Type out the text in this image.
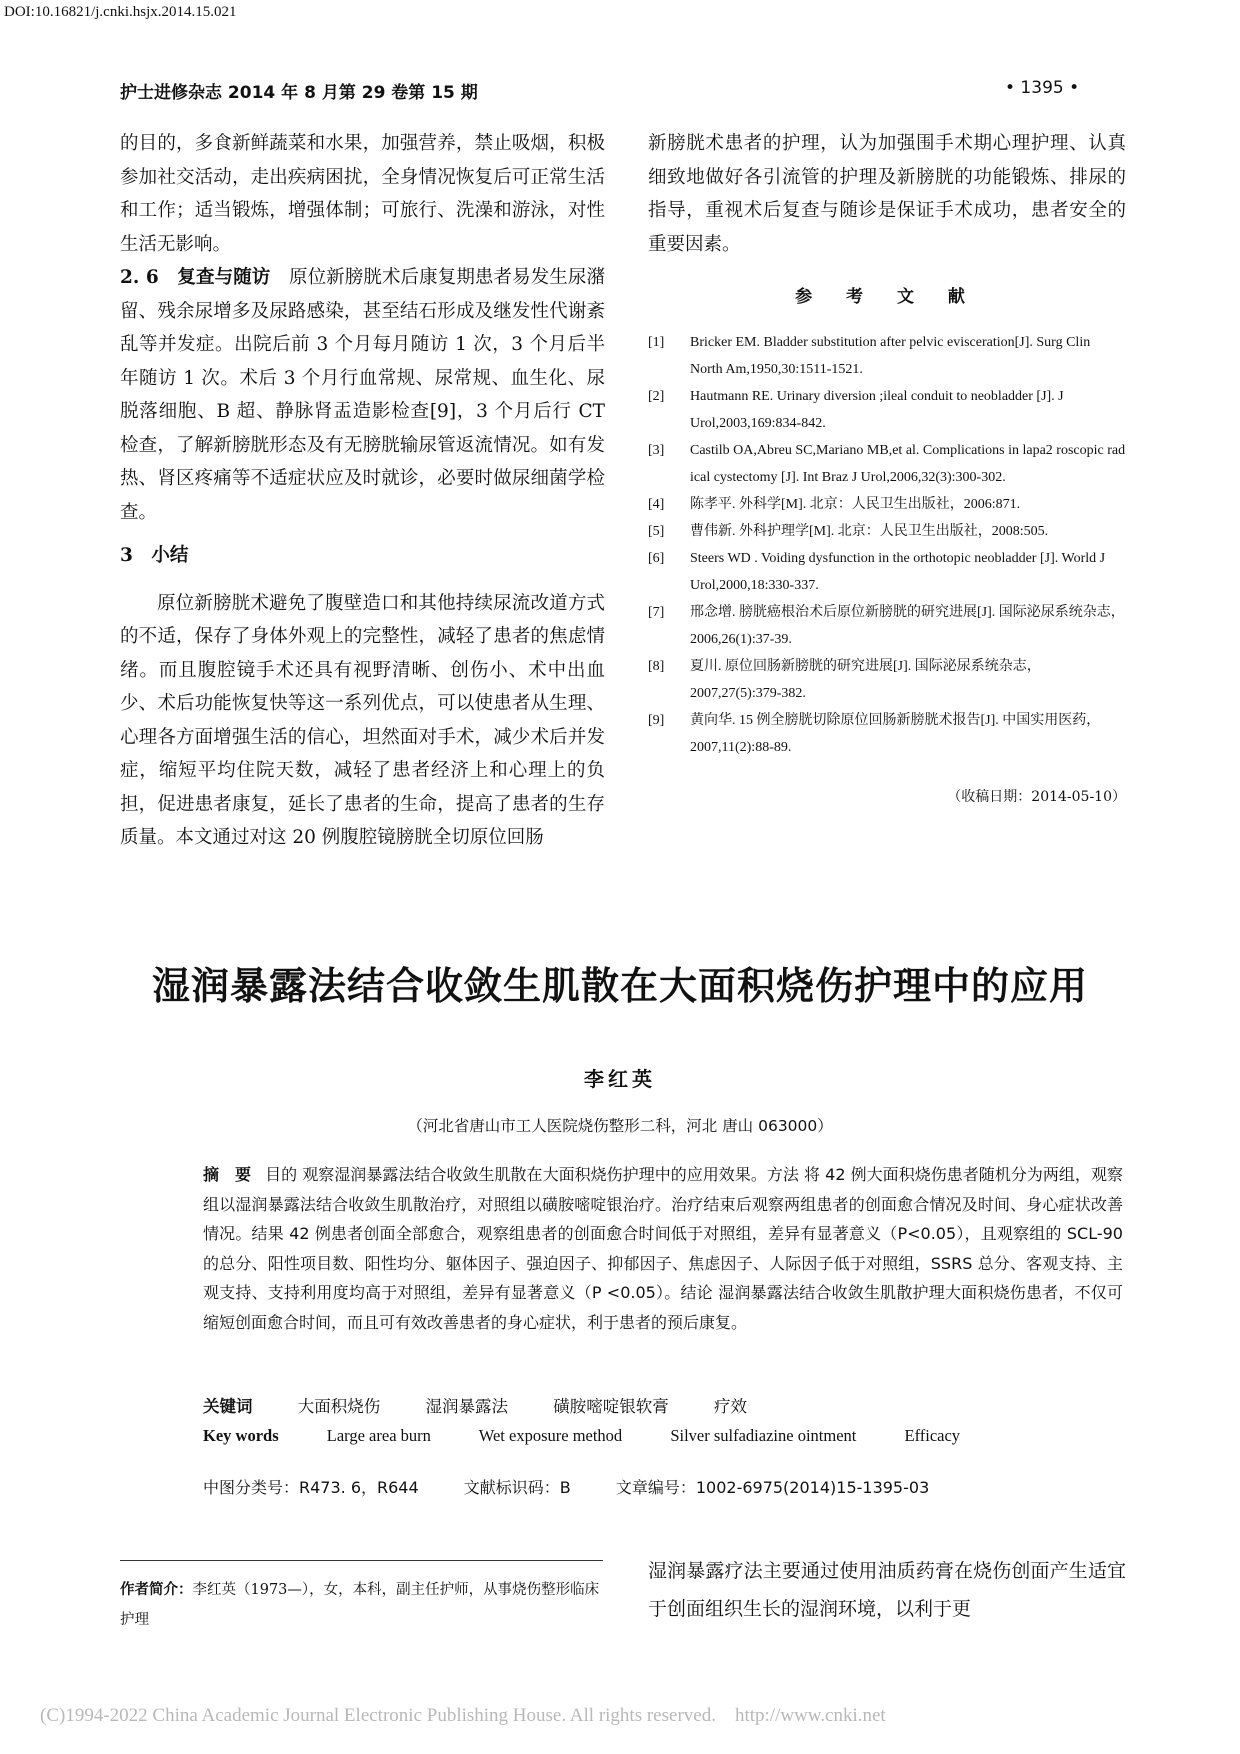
DOI:10.16821/j.cnki.hsjx.2014.15.021
护士进修杂志 2014 年 8 月第 29 卷第 15 期	• 1395 •

的目的，多食新鲜蔬菜和水果，加强营养，禁止吸烟，积极参加社交活动，走出疾病困扰，全身情况恢复后可正常生活和工作；适当锻炼，增强体制；可旅行、洗澡和游泳，对性生活无影响。

2. 6　复查与随访　原位新膀胱术后康复期患者易发生尿潴留、残余尿增多及尿路感染，甚至结石形成及继发性代谢紊乱等并发症。出院后前 3 个月每月随访 1 次，3 个月后半年随访 1 次。术后 3 个月行血常规、尿常规、血生化、尿脱落细胞、B 超、静脉肾盂造影检查[9]，3 个月后行 CT 检查，了解新膀胱形态及有无膀胱输尿管返流情况。如有发热、肾区疼痛等不适症状应及时就诊，必要时做尿细菌学检查。

3　小结

原位新膀胱术避免了腹壁造口和其他持续尿流改道方式的不适，保存了身体外观上的完整性，减轻了患者的焦虑情绪。而且腹腔镜手术还具有视野清晰、创伤小、术中出血少、术后功能恢复快等这一系列优点，可以使患者从生理、心理各方面增强生活的信心，坦然面对手术，减少术后并发症，缩短平均住院天数，减轻了患者经济上和心理上的负担，促进患者康复，延长了患者的生命，提高了患者的生存质量。本文通过对这 20 例腹腔镜膀胱全切原位回肠

新膀胱术患者的护理，认为加强围手术期心理护理、认真细致地做好各引流管的护理及新膀胱的功能锻炼、排尿的指导，重视术后复查与随诊是保证手术成功，患者安全的重要因素。

参 考 文 献
[1]	Bricker EM. Bladder substitution after pelvic evisceration[J]. Surg Clin North Am,1950,30:1511-1521.
[2]	Hautmann RE. Urinary diversion ;ileal conduit to neobladder [J]. J Urol,2003,169:834-842.
[3]	Castilb OA,Abreu SC,Mariano MB,et al. Complications in lapa2 roscopic rad ical cystectomy [J]. Int Braz J Urol,2006,32(3):300-302.
[4]	陈孝平. 外科学[M]. 北京：人民卫生出版社，2006:871.
[5]	曹伟新. 外科护理学[M]. 北京：人民卫生出版社，2008:505.
[6]	Steers WD . Voiding dysfunction in the orthotopic neobladder [J]. World J Urol,2000,18:330-337.
[7]	邢念增. 膀胱癌根治术后原位新膀胱的研究进展[J]. 国际泌尿系统杂志，2006,26(1):37-39.
[8]	夏川. 原位回肠新膀胱的研究进展[J]. 国际泌尿系统杂志，2007,27(5):379-382.
[9]	黄向华. 15 例全膀胱切除原位回肠新膀胱术报告[J]. 中国实用医药，2007,11(2):88-89.
（收稿日期：2014-05-10）
湿润暴露法结合收敛生肌散在大面积烧伤护理中的应用
李红英
（河北省唐山市工人医院烧伤整形二科，河北 唐山 063000）
摘　要 目的 观察湿润暴露法结合收敛生肌散在大面积烧伤护理中的应用效果。方法 将 42 例大面积烧伤患者随机分为两组，观察组以湿润暴露法结合收敛生肌散治疗，对照组以磺胺嘧啶银治疗。治疗结束后观察两组患者的创面愈合情况及时间、身心症状改善情况。结果 42 例患者创面全部愈合，观察组患者的创面愈合时间低于对照组，差异有显著意义（P<0.05），且观察组的 SCL-90 的总分、阳性项目数、阳性均分、躯体因子、强迫因子、抑郁因子、焦虑因子、人际因子低于对照组，SSRS 总分、客观支持、主观支持、支持利用度均高于对照组，差异有显著意义（P <0.05）。结论 湿润暴露法结合收敛生肌散护理大面积烧伤患者，不仅可缩短创面愈合时间，而且可有效改善患者的身心症状，利于患者的预后康复。
关键词	大面积烧伤	湿润暴露法	磺胺嘧啶银软膏	疗效
Key words	Large area burn	Wet exposure method	Silver sulfadiazine ointment	Efficacy
中图分类号：R473. 6，R644	文献标识码：B	文章编号：1002-6975(2014)15-1395-03
作者简介：李红英（1973—），女，本科，副主任护师，从事烧伤整形临床护理
湿润暴露疗法主要通过使用油质药膏在烧伤创面产生适宜于创面组织生长的湿润环境，以利于更
(C)1994-2022 China Academic Journal Electronic Publishing House. All rights reserved.　http://www.cnki.net
